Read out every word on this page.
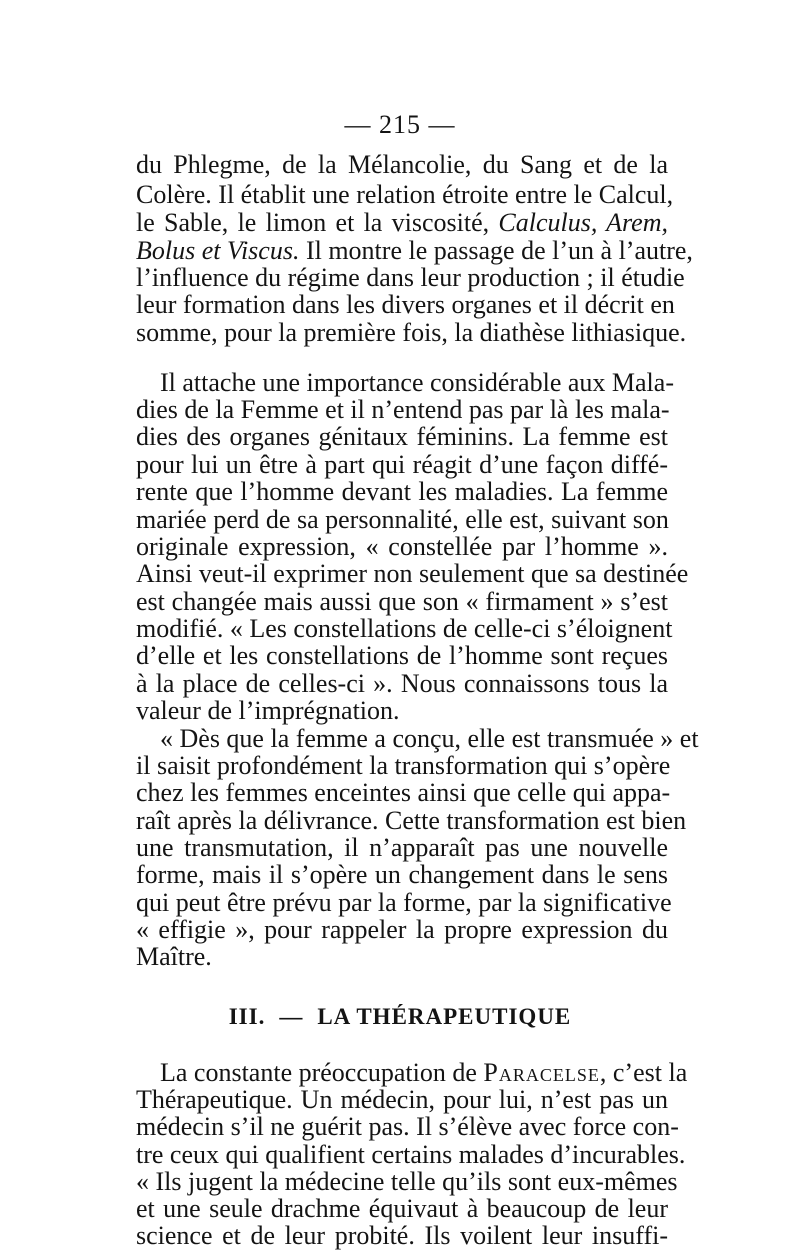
— 215 —
du Phlegme, de la Mélancolie, du Sang et de la
Colère. Il établit une relation étroite entre le Calcul,
le Sable, le limon et la viscosité, Calculus, Arem,
Bolus et Viscus. Il montre le passage de l’un à l’autre,
l’influence du régime dans leur production ; il étudie
leur formation dans les divers organes et il décrit en
somme, pour la première fois, la diathèse lithiasique.
Il attache une importance considérable aux Mala-
dies de la Femme et il n’entend pas par là les mala-
dies des organes génitaux féminins. La femme est
pour lui un être à part qui réagit d’une façon diffé-
rente que l’homme devant les maladies. La femme
mariée perd de sa personnalité, elle est, suivant son
originale expression, « constellée par l’homme ».
Ainsi veut-il exprimer non seulement que sa destinée
est changée mais aussi que son « firmament » s’est
modifié. « Les constellations de celle-ci s’éloignent
d’elle et les constellations de l’homme sont reçues
à la place de celles-ci ». Nous connaissons tous la
valeur de l’imprégnation.
« Dès que la femme a conçu, elle est transmuée » et
il saisit profondément la transformation qui s’opère
chez les femmes enceintes ainsi que celle qui appa-
raît après la délivrance. Cette transformation est bien
une transmutation, il n’apparaît pas une nouvelle
forme, mais il s’opère un changement dans le sens
qui peut être prévu par la forme, par la significative
« effigie », pour rappeler la propre expression du
Maître.
III. — LA THÉRAPEUTIQUE
La constante préoccupation de Paracelse, c’est la
Thérapeutique. Un médecin, pour lui, n’est pas un
médecin s’il ne guérit pas. Il s’élève avec force con-
tre ceux qui qualifient certains malades d’incurables.
« Ils jugent la médecine telle qu’ils sont eux-mêmes
et une seule drachme équivaut à beaucoup de leur
science et de leur probité. Ils voilent leur insuffi-
